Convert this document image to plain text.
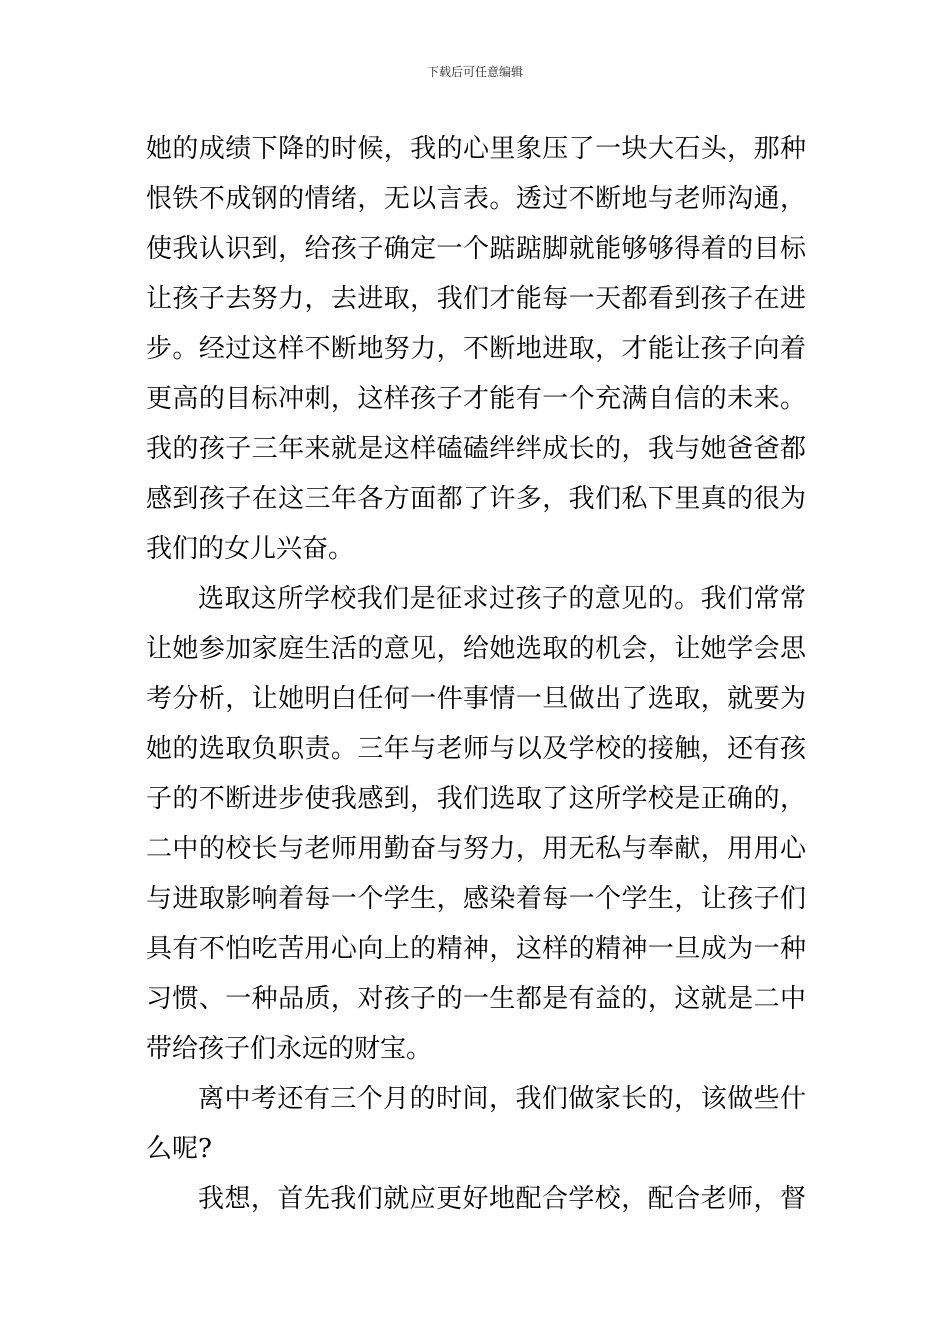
下载后可任意编辑
她的成绩下降的时候，我的心里象压了一块大石头，那种
恨铁不成钢的情绪，无以言表。透过不断地与老师沟通，
使我认识到，给孩子确定一个踮踮脚就能够够得着的目标
让孩子去努力，去进取，我们才能每一天都看到孩子在进
步。经过这样不断地努力，不断地进取，才能让孩子向着
更高的目标冲刺，这样孩子才能有一个充满自信的未来。
我的孩子三年来就是这样磕磕绊绊成长的，我与她爸爸都
感到孩子在这三年各方面都了许多，我们私下里真的很为
我们的女儿兴奋。
选取这所学校我们是征求过孩子的意见的。我们常常
让她参加家庭生活的意见，给她选取的机会，让她学会思
考分析，让她明白任何一件事情一旦做出了选取，就要为
她的选取负职责。三年与老师与以及学校的接触，还有孩
子的不断进步使我感到，我们选取了这所学校是正确的，
二中的校长与老师用勤奋与努力，用无私与奉献，用用心
与进取影响着每一个学生，感染着每一个学生，让孩子们
具有不怕吃苦用心向上的精神，这样的精神一旦成为一种
习惯、一种品质，对孩子的一生都是有益的，这就是二中
带给孩子们永远的财宝。
离中考还有三个月的时间，我们做家长的，该做些什
么呢?
我想，首先我们就应更好地配合学校，配合老师，督
